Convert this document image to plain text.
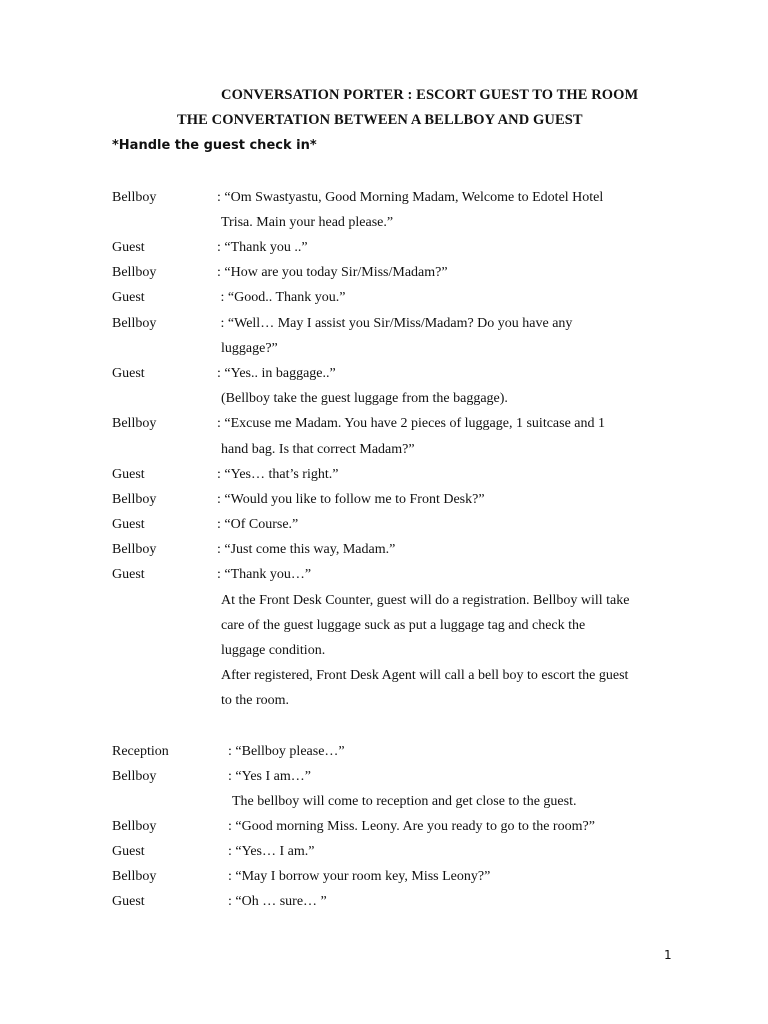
CONVERSATION PORTER : ESCORT GUEST TO THE ROOM
THE CONVERTATION BETWEEN A BELLBOY AND GUEST
*Handle the guest check in*
Bellboy	: “Om Swastyastu, Good Morning Madam, Welcome to Edotel Hotel
Trisa. Main your head please.”
Guest	: “Thank you ..”
Bellboy	: “How are you today Sir/Miss/Madam?”
Guest	: “Good.. Thank you.”
Bellboy	: “Well… May I assist you Sir/Miss/Madam? Do you have any
luggage?”
Guest	: “Yes.. in baggage..”
(Bellboy take the guest luggage from the baggage).
Bellboy	: “Excuse me Madam. You have 2 pieces of luggage, 1 suitcase and 1
hand bag. Is that correct Madam?”
Guest	: “Yes… that’s right.”
Bellboy	: “Would you like to follow me to Front Desk?”
Guest	: “Of Course.”
Bellboy	: “Just come this way, Madam.”
Guest	: “Thank you…”
At the Front Desk Counter, guest will do a registration. Bellboy will take
care of the guest luggage suck as put a luggage tag and check the
luggage condition.
After registered, Front Desk Agent will call a bell boy to escort the guest
to the room.
Reception	: “Bellboy please…”
Bellboy	: “Yes I am…”
The bellboy will come to reception and get close to the guest.
Bellboy	: “Good morning Miss. Leony. Are you ready to go to the room?”
Guest	: “Yes… I am.”
Bellboy	: “May I borrow your room key, Miss Leony?”
Guest	: “Oh … sure… ”
1
